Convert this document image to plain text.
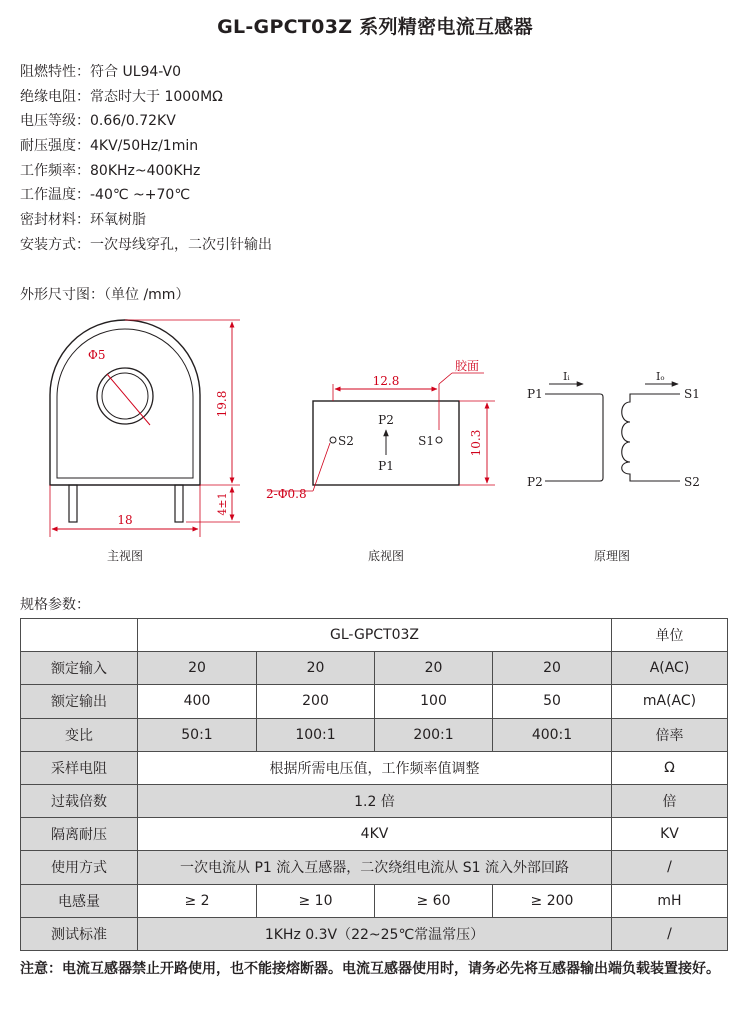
GL-GPCT03Z 系列精密电流互感器
阻燃特性：符合 UL94-V0
绝缘电阻：常态时大于 1000MΩ
电压等级：0.66/0.72KV
耐压强度：4KV/50Hz/1min
工作频率：80KHz~400KHz
工作温度：-40℃ ~+70℃
密封材料：环氧树脂
安装方式：一次母线穿孔，二次引针输出
外形尺寸图：（单位 /mm）
Φ5
19.8
4±1
18
主视图
12.8
胶面
10.3
S2	S1
P2
P1
2-Φ0.8
底视图
P1
P2
Iᵢ	Iₒ
S1
S2
原理图
规格参数：
	GL-GPCT03Z				单位
额定输入	20	20	20	20	A(AC)
额定输出	400	200	100	50	mA(AC)
变比	50:1	100:1	200:1	400:1	倍率
采样电阻	根据所需电压值，工作频率值调整				Ω
过载倍数	1.2 倍				倍
隔离耐压	4KV				KV
使用方式	一次电流从 P1 流入互感器，二次绕组电流从 S1 流入外部回路				/
电感量	≥ 2	≥ 10	≥ 60	≥ 200	mH
测试标准	1KHz 0.3V（22~25℃常温常压）				/
注意：电流互感器禁止开路使用，也不能接熔断器。电流互感器使用时，请务必先将互感器输出端负载装置接好。
